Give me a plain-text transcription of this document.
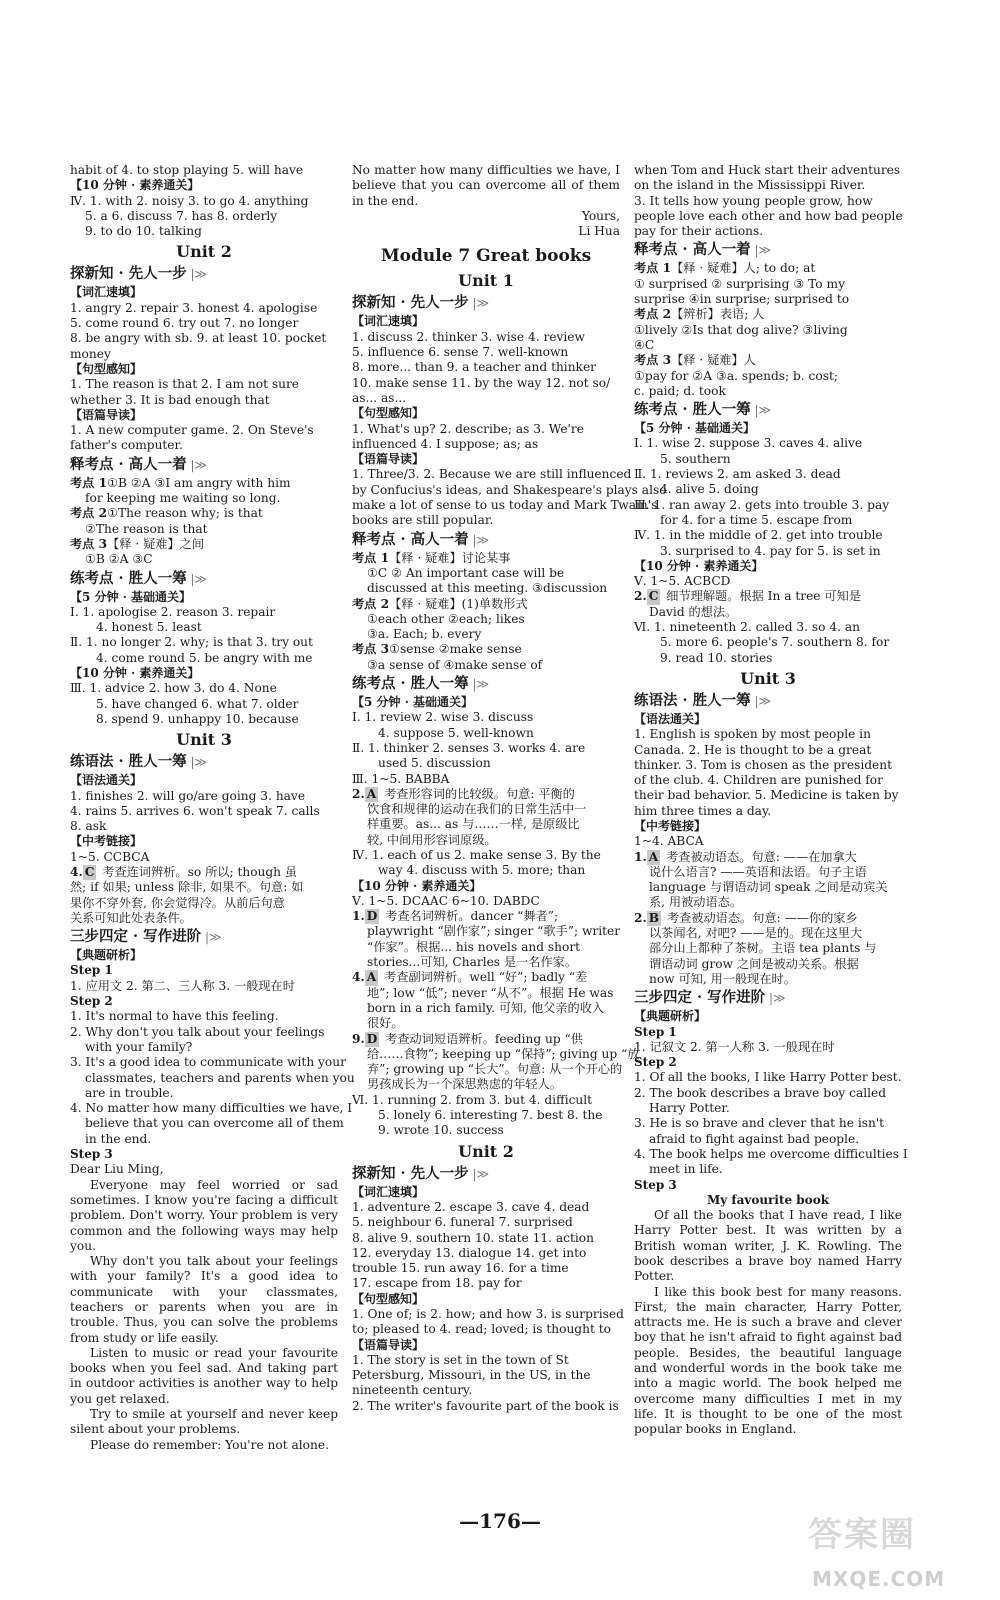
habit of 4. to stop playing 5. will have
【10 分钟 · 素养通关】
Ⅳ. 1. with 2. noisy 3. to go 4. anything
5. a 6. discuss 7. has 8. orderly
9. to do 10. talking
Unit 2
探新知 · 先人一步 |≫
【词汇速填】
1. angry 2. repair 3. honest 4. apologise
5. come round 6. try out 7. no longer
8. be angry with sb. 9. at least 10. pocket
money
【句型感知】
1. The reason is that 2. I am not sure
whether 3. It is bad enough that
【语篇导读】
1. A new computer game. 2. On Steve's
father's computer.
释考点 · 高人一着 |≫
考点 1①B ②A ③I am angry with him
for keeping me waiting so long.
考点 2①The reason why; is that
②The reason is that
考点 3【释 · 疑难】之间
①B ②A ③C
练考点 · 胜人一筹 |≫
【5 分钟 · 基础通关】
Ⅰ. 1. apologise 2. reason 3. repair
4. honest 5. least
Ⅱ. 1. no longer 2. why; is that 3. try out
4. come round 5. be angry with me
【10 分钟 · 素养通关】
Ⅲ. 1. advice 2. how 3. do 4. None
5. have changed 6. what 7. older
8. spend 9. unhappy 10. because
Unit 3
练语法 · 胜人一筹 |≫
【语法通关】
1. finishes 2. will go/are going 3. have
4. rains 5. arrives 6. won't speak 7. calls
8. ask
【中考链接】
1~5. CCBCA
4. C 考查连词辨析。so 所以; though 虽
然; if 如果; unless 除非, 如果不。句意: 如
果你不穿外套, 你会觉得冷。从前后句意
关系可知此处表条件。
三步四定 · 写作进阶 |≫
【典题研析】
Step 1
1. 应用文 2. 第二、三人称 3. 一般现在时
Step 2
1. It's normal to have this feeling.
2. Why don't you talk about your feelings
with your family?
3. It's a good idea to communicate with your
classmates, teachers and parents when you
are in trouble.
4. No matter how many difficulties we have, I
believe that you can overcome all of them
in the end.
Step 3
Dear Liu Ming,
Everyone may feel worried or sad sometimes. I know you're facing a difficult problem. Don't worry. Your problem is very common and the following ways may help you.
Why don't you talk about your feelings with your family? It's a good idea to communicate with your classmates, teachers or parents when you are in trouble. Thus, you can solve the problems from study or life easily.
Listen to music or read your favourite books when you feel sad. And taking part in outdoor activities is another way to help you get relaxed.
Try to smile at yourself and never keep silent about your problems.
Please do remember: You're not alone.
No matter how many difficulties we have, I believe that you can overcome all of them in the end.
Yours,
Li Hua
Module 7 Great books
Unit 1
探新知 · 先人一步 |≫
【词汇速填】
1. discuss 2. thinker 3. wise 4. review
5. influence 6. sense 7. well-known
8. more... than 9. a teacher and thinker
10. make sense 11. by the way 12. not so/
as... as...
【句型感知】
1. What's up? 2. describe; as 3. We're
influenced 4. I suppose; as; as
【语篇导读】
1. Three/3. 2. Because we are still influenced
by Confucius's ideas, and Shakespeare's plays also
make a lot of sense to us today and Mark Twain's
books are still popular.
释考点 · 高人一着 |≫
考点 1【释 · 疑难】讨论某事
①C ② An important case will be
discussed at this meeting. ③discussion
考点 2【释 · 疑难】(1)单数形式
①each other ②each; likes
③a. Each; b. every
考点 3①sense ②make sense
③a sense of ④make sense of
练考点 · 胜人一筹 |≫
【5 分钟 · 基础通关】
Ⅰ. 1. review 2. wise 3. discuss
4. suppose 5. well-known
Ⅱ. 1. thinker 2. senses 3. works 4. are
used 5. discussion
Ⅲ. 1~5. BABBA
2. A 考查形容词的比较级。句意: 平衡的
饮食和规律的运动在我们的日常生活中一
样重要。as... as 与……一样, 是原级比
较, 中间用形容词原级。
Ⅳ. 1. each of us 2. make sense 3. By the
way 4. discuss with 5. more; than
【10 分钟 · 素养通关】
Ⅴ. 1~5. DCAAC 6~10. DABDC
1. D 考查名词辨析。dancer “舞者”;
playwright “剧作家”; singer “歌手”; writer
“作家”。根据... his novels and short
stories...可知, Charles 是一名作家。
4. A 考查副词辨析。well “好”; badly “差
地”; low “低”; never “从不”。根据 He was
born in a rich family. 可知, 他父亲的收入
很好。
9. D 考查动词短语辨析。feeding up “供
给……食物”; keeping up “保持”; giving up “放
弃”; growing up “长大”。句意: 从一个开心的
男孩成长为一个深思熟虑的年轻人。
Ⅵ. 1. running 2. from 3. but 4. difficult
5. lonely 6. interesting 7. best 8. the
9. wrote 10. success
Unit 2
探新知 · 先人一步 |≫
【词汇速填】
1. adventure 2. escape 3. cave 4. dead
5. neighbour 6. funeral 7. surprised
8. alive 9. southern 10. state 11. action
12. everyday 13. dialogue 14. get into
trouble 15. run away 16. for a time
17. escape from 18. pay for
【句型感知】
1. One of; is 2. how; and how 3. is surprised
to; pleased to 4. read; loved; is thought to
【语篇导读】
1. The story is set in the town of St
Petersburg, Missouri, in the US, in the
nineteenth century.
2. The writer's favourite part of the book is
when Tom and Huck start their adventures
on the island in the Mississippi River.
3. It tells how young people grow, how
people love each other and how bad people
pay for their actions.
释考点 · 高人一着 |≫
考点 1【释 · 疑难】人; to do; at
① surprised ② surprising ③ To my
surprise ④in surprise; surprised to
考点 2【辨析】表语; 人
①lively ②Is that dog alive? ③living
④C
考点 3【释 · 疑难】人
①pay for ②A ③a. spends; b. cost;
c. paid; d. took
练考点 · 胜人一筹 |≫
【5 分钟 · 基础通关】
Ⅰ. 1. wise 2. suppose 3. caves 4. alive
5. southern
Ⅱ. 1. reviews 2. am asked 3. dead
4. alive 5. doing
Ⅲ. 1. ran away 2. gets into trouble 3. pay
for 4. for a time 5. escape from
Ⅳ. 1. in the middle of 2. get into trouble
3. surprised to 4. pay for 5. is set in
【10 分钟 · 素养通关】
Ⅴ. 1~5. ACBCD
2. C 细节理解题。根据 In a tree 可知是
David 的想法。
Ⅵ. 1. nineteenth 2. called 3. so 4. an
5. more 6. people's 7. southern 8. for
9. read 10. stories
Unit 3
练语法 · 胜人一筹 |≫
【语法通关】
1. English is spoken by most people in
Canada. 2. He is thought to be a great
thinker. 3. Tom is chosen as the president
of the club. 4. Children are punished for
their bad behavior. 5. Medicine is taken by
him three times a day.
【中考链接】
1~4. ABCA
1. A 考查被动语态。句意: ——在加拿大
说什么语言? ——英语和法语。句子主语
language 与谓语动词 speak 之间是动宾关
系, 用被动语态。
2. B 考查被动语态。句意: ——你的家乡
以茶闻名, 对吧? ——是的。现在这里大
部分山上都种了茶树。主语 tea plants 与
谓语动词 grow 之间是被动关系。根据
now 可知, 用一般现在时。
三步四定 · 写作进阶 |≫
【典题研析】
Step 1
1. 记叙文 2. 第一人称 3. 一般现在时
Step 2
1. Of all the books, I like Harry Potter best.
2. The book describes a brave boy called
Harry Potter.
3. He is so brave and clever that he isn't
afraid to fight against bad people.
4. The book helps me overcome difficulties I
meet in life.
Step 3
My favourite book
Of all the books that I have read, I like Harry Potter best. It was written by a British woman writer, J. K. Rowling. The book describes a brave boy named Harry Potter.
I like this book best for many reasons. First, the main character, Harry Potter, attracts me. He is such a brave and clever boy that he isn't afraid to fight against bad people. Besides, the beautiful language and wonderful words in the book take me into a magic world. The book helped me overcome many difficulties I met in my life. It is thought to be one of the most popular books in England.
—176—	答案圈
MXQE.COM
